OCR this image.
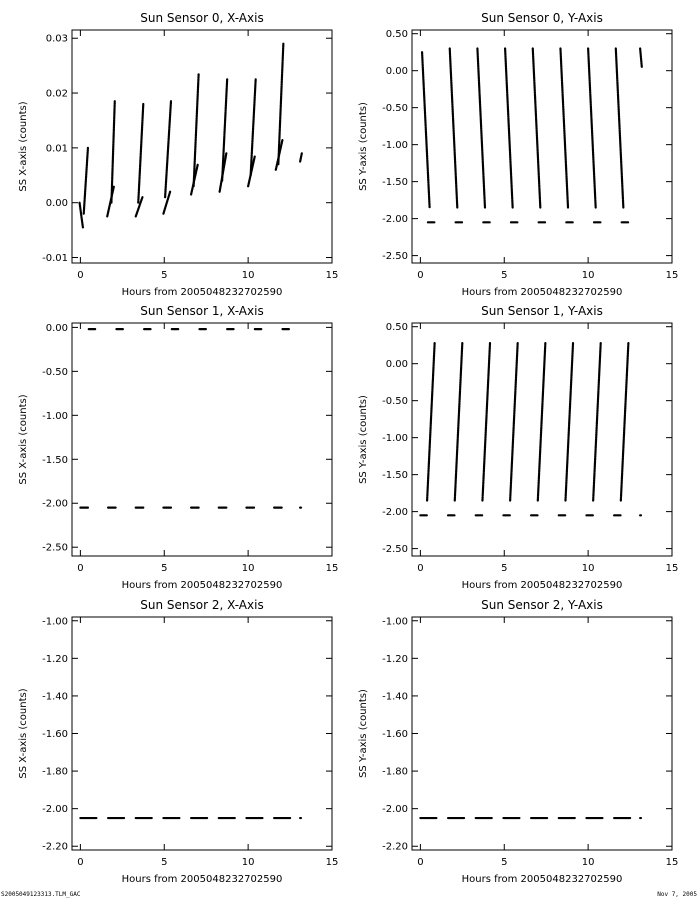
Sun Sensor 0, X-Axis
Hours from 2005048232702590
SS X-axis (counts)
0	5	10	15
-0.01
0.00
0.01
0.02
0.03
Sun Sensor 0, Y-Axis
Hours from 2005048232702590
SS Y-axis (counts)
0	5	10	15
0.50
0.00
-0.50
-1.00
-1.50
-2.00
-2.50
Sun Sensor 1, X-Axis
Hours from 2005048232702590
SS X-axis (counts)
0	5	10	15
0.00
-0.50
-1.00
-1.50
-2.00
-2.50
Sun Sensor 1, Y-Axis
Hours from 2005048232702590
SS Y-axis (counts)
0	5	10	15
0.50
0.00
-0.50
-1.00
-1.50
-2.00
-2.50
Sun Sensor 2, X-Axis
Hours from 2005048232702590
SS X-axis (counts)
0	5	10	15
-1.00
-1.20
-1.40
-1.60
-1.80
-2.00
-2.20
Sun Sensor 2, Y-Axis
Hours from 2005048232702590
SS Y-axis (counts)
0	5	10	15
-1.00
-1.20
-1.40
-1.60
-1.80
-2.00
-2.20
S2005049123313.TLM_GAC	Nov 7, 2005
